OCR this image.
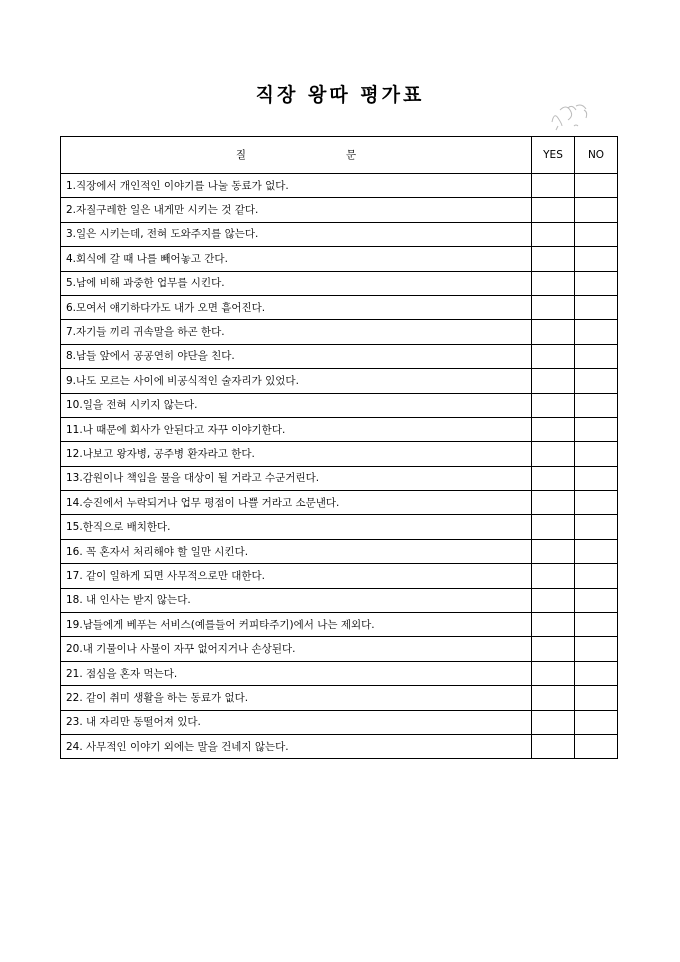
직장 왕따 평가표
질 문	YES	NO
1.직장에서 개인적인 이야기를 나눌 동료가 없다.		
2.자질구레한 일은 내게만 시키는 것 같다.		
3.일은 시키는데, 전혀 도와주지를 않는다.		
4.회식에 갈 때 나를 빼어놓고 간다.		
5.남에 비해 과중한 업무를 시킨다.		
6.모여서 얘기하다가도 내가 오면 흩어진다.		
7.자기들 끼리 귀속말을 하곤 한다.		
8.남들 앞에서 공공연히 야단을 친다.		
9.나도 모르는 사이에 비공식적인 술자리가 있었다.		
10.일을 전혀 시키지 않는다.		
11.나 때문에 회사가 안된다고 자꾸 이야기한다.		
12.나보고 왕자병, 공주병 환자라고 한다.		
13.감원이나 책임을 물을 대상이 될 거라고 수군거린다.		
14.승진에서 누락되거나 업무 평점이 나쁠 거라고 소문낸다.		
15.한직으로 배치한다.		
16. 꼭 혼자서 처리해야 할 일만 시킨다.		
17. 같이 일하게 되면 사무적으로만 대한다.		
18. 내 인사는 받지 않는다.		
19.남들에게 베푸는 서비스(예를들어 커피타주기)에서 나는 제외다.		
20.내 기물이나 사물이 자꾸 없어지거나 손상된다.		
21. 점심을 혼자 먹는다.		
22. 같이 취미 생활을 하는 동료가 없다.		
23. 내 자리만 동떨어져 있다.		
24. 사무적인 이야기 외에는 말을 건네지 않는다.		
